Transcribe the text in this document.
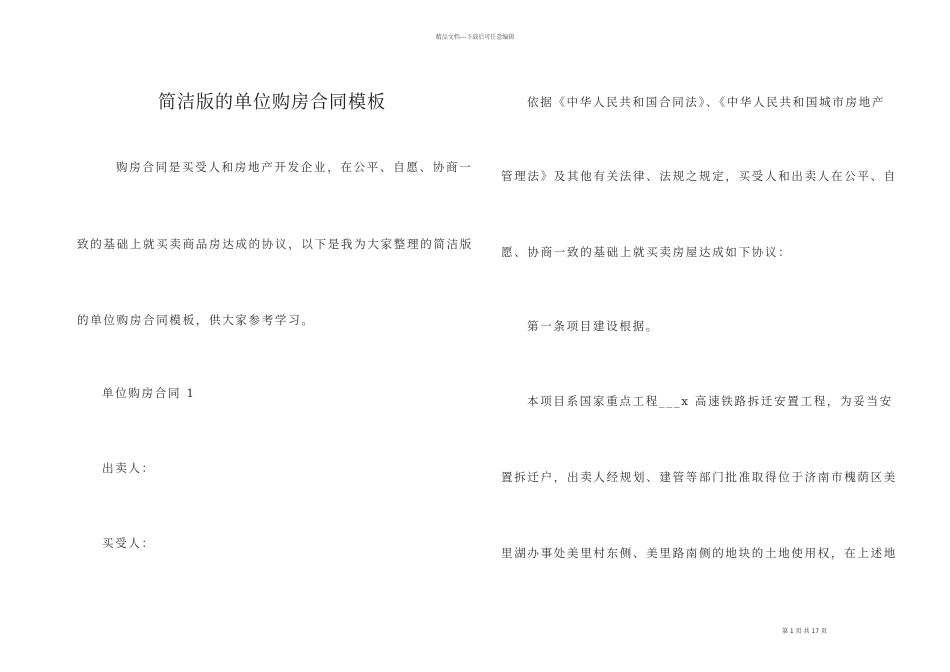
精品文档---下载后可任意编辑
简洁版的单位购房合同模板
购房合同是买受人和房地产开发企业，在公平、自愿、协商一
致的基础上就买卖商品房达成的协议，以下是我为大家整理的简洁版
的单位购房合同模板，供大家参考学习。
单位购房合同 1
出卖人：
买受人：
依据《中华人民共和国合同法》、《中华人民共和国城市房地产
管理法》及其他有关法律、法规之规定，买受人和出卖人在公平、自
愿、协商一致的基础上就买卖房屋达成如下协议：
第一条项目建设根据。
本项目系国家重点工程___x 高速铁路拆迁安置工程，为妥当安
置拆迁户，出卖人经规划、建管等部门批准取得位于济南市槐荫区美
里湖办事处美里村东侧、美里路南侧的地块的土地使用权，在上述地
第 1 页 共 17 页
